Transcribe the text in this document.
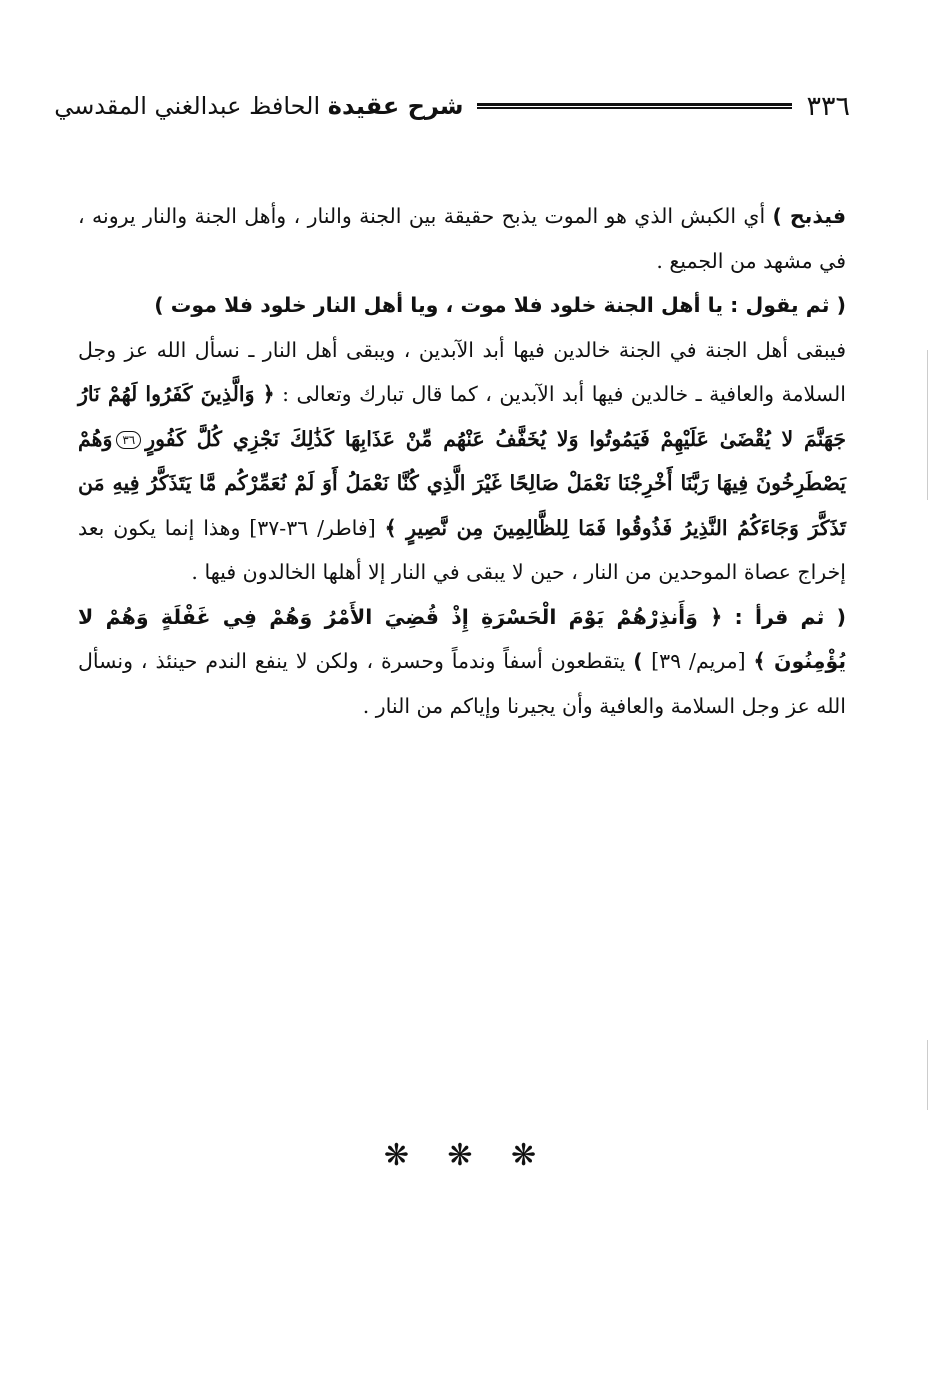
٣٣٦
شرح عقيدة الحافظ عبدالغني المقدسي

فيذبح ) أي الكبش الذي هو الموت يذبح حقيقة بين الجنة والنار ، وأهل الجنة والنار يرونه ، في مشهد من الجميع .

( ثم يقول : يا أهل الجنة خلود فلا موت ، ويا أهل النار خلود فلا موت )

فيبقى أهل الجنة في الجنة خالدين فيها أبد الآبدين ، ويبقى أهل النار ـ نسأل الله عز وجل السلامة والعافية ـ خالدين فيها أبد الآبدين ، كما قال تبارك وتعالى : ﴿ وَالَّذِينَ كَفَرُوا لَهُمْ نَارُ جَهَنَّمَ لا يُقْضَىٰ عَلَيْهِمْ فَيَمُوتُوا وَلا يُخَفَّفُ عَنْهُم مِّنْ عَذَابِهَا كَذَٰلِكَ نَجْزِي كُلَّ كَفُورٍ٣٦وَهُمْ يَصْطَرِخُونَ فِيهَا رَبَّنَا أَخْرِجْنَا نَعْمَلْ صَالِحًا غَيْرَ الَّذِي كُنَّا نَعْمَلُ أَوَ لَمْ نُعَمِّرْكُم مَّا يَتَذَكَّرُ فِيهِ مَن تَذَكَّرَ وَجَاءَكُمُ النَّذِيرُ فَذُوقُوا فَمَا لِلظَّالِمِينَ مِن نَّصِيرٍ ﴾ [فاطر/ ٣٦-٣٧] وهذا إنما يكون بعد إخراج عصاة الموحدين من النار ، حين لا يبقى في النار إلا أهلها الخالدون فيها .

( ثم قرأ : ﴿ وَأَنذِرْهُمْ يَوْمَ الْحَسْرَةِ إِذْ قُضِيَ الأَمْرُ وَهُمْ فِي غَفْلَةٍ وَهُمْ لا يُؤْمِنُونَ ﴾ [مريم/ ٣٩] ) يتقطعون أسفاً وندماً وحسرة ، ولكن لا ينفع الندم حينئذ ، ونسأل الله عز وجل السلامة والعافية وأن يجيرنا وإياكم من النار .

❋ ❋ ❋
